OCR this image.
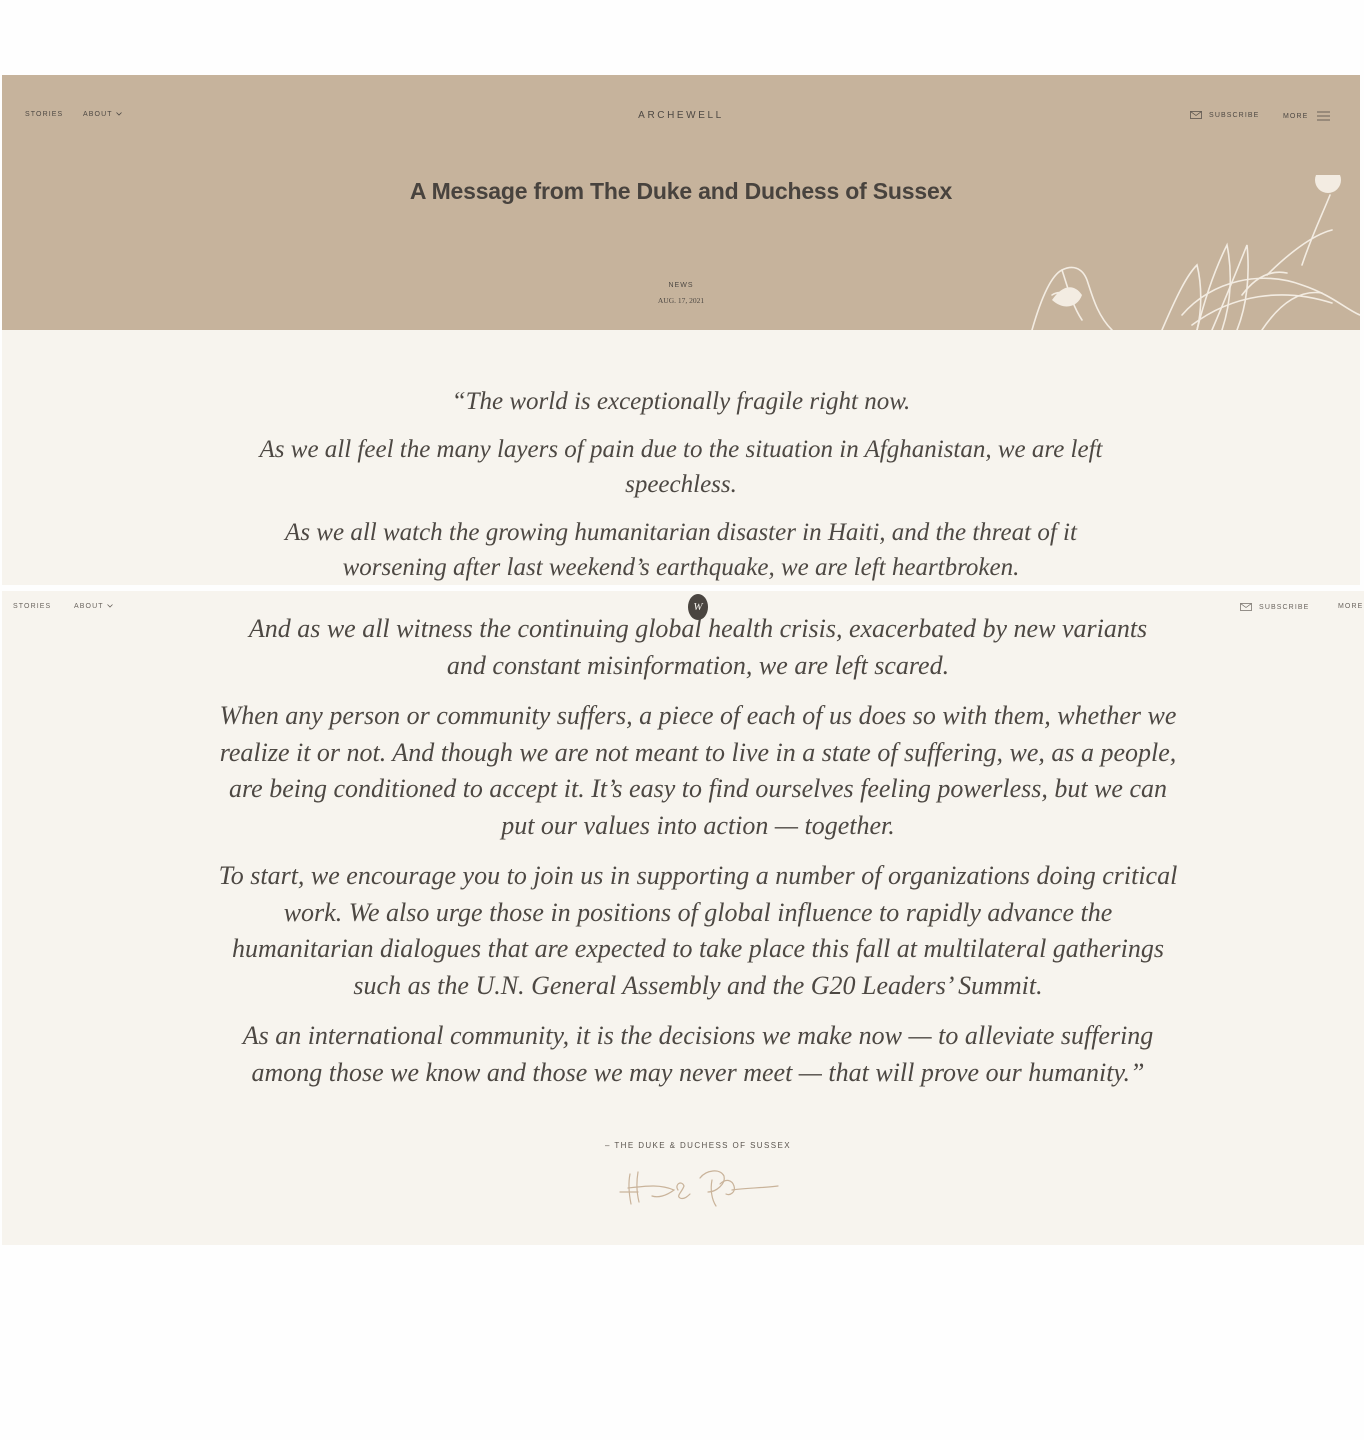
STORIES	ABOUT	ARCHEWELL	SUBSCRIBE	MORE
A Message from The Duke and Duchess of Sussex
NEWS
AUG. 17, 2021

“The world is exceptionally fragile right now.

As we all feel the many layers of pain due to the situation in Afghanistan, we are left speechless.

As we all watch the growing humanitarian disaster in Haiti, and the threat of it worsening after last weekend’s earthquake, we are left heartbroken.

STORIES	ABOUT	W	SUBSCRIBE	MORE

And as we all witness the continuing global health crisis, exacerbated by new variants and constant misinformation, we are left scared.

When any person or community suffers, a piece of each of us does so with them, whether we realize it or not. And though we are not meant to live in a state of suffering, we, as a people, are being conditioned to accept it. It’s easy to find ourselves feeling powerless, but we can put our values into action — together.

To start, we encourage you to join us in supporting a number of organizations doing critical work. We also urge those in positions of global influence to rapidly advance the humanitarian dialogues that are expected to take place this fall at multilateral gatherings such as the U.N. General Assembly and the G20 Leaders’ Summit.

As an international community, it is the decisions we make now — to alleviate suffering among those we know and those we may never meet — that will prove our humanity.”

– THE DUKE & DUCHESS OF SUSSEX
